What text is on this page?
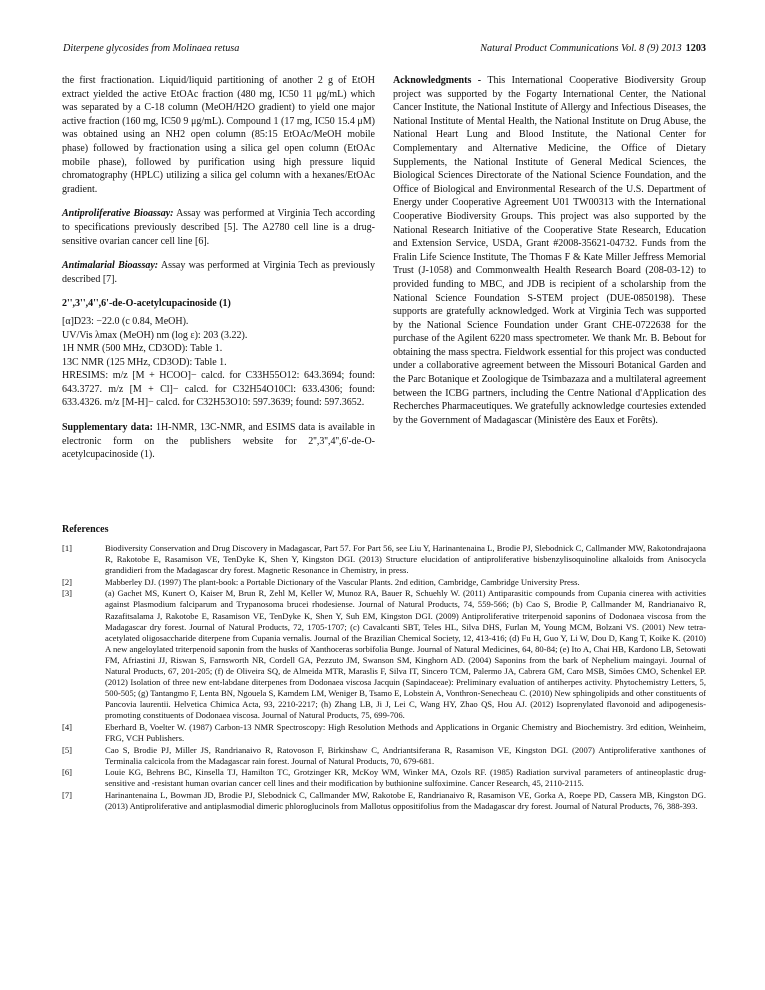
Diterpene glycosides from Molinaea retusa	Natural Product Communications Vol. 8 (9) 2013 1203

the first fractionation. Liquid/liquid partitioning of another 2 g of EtOH extract yielded the active EtOAc fraction (480 mg, IC50 11 μg/mL) which was separated by a C-18 column (MeOH/H2O gradient) to yield one major active fraction (160 mg, IC50 9 μg/mL). Compound 1 (17 mg, IC50 15.4 μM) was obtained using an NH2 open column (85:15 EtOAc/MeOH mobile phase) followed by fractionation using a silica gel open column (EtOAc mobile phase), followed by purification using high pressure liquid chromatography (HPLC) utilizing a silica gel column with a hexanes/EtOAc gradient.

Antiproliferative Bioassay: Assay was performed at Virginia Tech according to specifications previously described [5]. The A2780 cell line is a drug-sensitive ovarian cancer cell line [6].

Antimalarial Bioassay: Assay was performed at Virginia Tech as previously described [7].

2'',3'',4'',6'-de-O-acetylcupacinoside (1)
[α]D23: −22.0 (c 0.84, MeOH).
UV/Vis λmax (MeOH) nm (log ε): 203 (3.22).
1H NMR (500 MHz, CD3OD): Table 1.
13C NMR (125 MHz, CD3OD): Table 1.

HRESIMS: m/z [M + HCOO]− calcd. for C33H55O12: 643.3694; found: 643.3727. m/z [M + Cl]− calcd. for C32H54O10Cl: 633.4306; found: 633.4326. m/z [M-H]− calcd. for C32H53O10: 597.3639; found: 597.3652.

Supplementary data: 1H-NMR, 13C-NMR, and ESIMS data is available in electronic form on the publishers website for 2'',3'',4'',6'-de-O-acetylcupacinoside (1).

Acknowledgments - This International Cooperative Biodiversity Group project was supported by the Fogarty International Center, the National Cancer Institute, the National Institute of Allergy and Infectious Diseases, the National Institute of Mental Health, the National Institute on Drug Abuse, the National Heart Lung and Blood Institute, the National Center for Complementary and Alternative Medicine, the Office of Dietary Supplements, the National Institute of General Medical Sciences, the Biological Sciences Directorate of the National Science Foundation, and the Office of Biological and Environmental Research of the U.S. Department of Energy under Cooperative Agreement U01 TW00313 with the International Cooperative Biodiversity Groups. This project was also supported by the National Research Initiative of the Cooperative State Research, Education and Extension Service, USDA, Grant #2008-35621-04732. Funds from the Fralin Life Science Institute, The Thomas F & Kate Miller Jeffress Memorial Trust (J-1058) and Commonwealth Health Research Board (208-03-12) to provided funding to MBC, and JDB is recipient of a scholarship from the National Science Foundation S-STEM project (DUE-0850198). These supports are gratefully acknowledged. Work at Virginia Tech was supported by the National Science Foundation under Grant CHE-0722638 for the purchase of the Agilent 6220 mass spectrometer. We thank Mr. B. Bebout for obtaining the mass spectra. Fieldwork essential for this project was conducted under a collaborative agreement between the Missouri Botanical Garden and the Parc Botanique et Zoologique de Tsimbazaza and a multilateral agreement between the ICBG partners, including the Centre National d'Application des Recherches Pharmaceutiques. We gratefully acknowledge courtesies extended by the Government of Madagascar (Ministère des Eaux et Forêts).

References
[1]	Biodiversity Conservation and Drug Discovery in Madagascar, Part 57. For Part 56, see Liu Y, Harinantenaina L, Brodie PJ, Slebodnick C, Callmander MW, Rakotondrajaona R, Rakotobe E, Rasamison VE, TenDyke K, Shen Y, Kingston DGI. (2013) Structure elucidation of antiproliferative bisbenzylisoquinoline alkaloids from Anisocycla grandidieri from the Madagascar dry forest. Magnetic Resonance in Chemistry, in press.
[2]	Mabberley DJ. (1997) The plant-book: a Portable Dictionary of the Vascular Plants. 2nd edition, Cambridge, Cambridge University Press.
[3]	(a) Gachet MS, Kunert O, Kaiser M, Brun R, Zehl M, Keller W, Munoz RA, Bauer R, Schuehly W. (2011) Antiparasitic compounds from Cupania cinerea with activities against Plasmodium falciparum and Trypanosoma brucei rhodesiense. Journal of Natural Products, 74, 559-566; (b) Cao S, Brodie P, Callmander M, Randrianaivo R, Razafitsalama J, Rakotobe E, Rasamison VE, TenDyke K, Shen Y, Suh EM, Kingston DGI. (2009) Antiproliferative triterpenoid saponins of Dodonaea viscosa from the Madagascar dry forest. Journal of Natural Products, 72, 1705-1707; (c) Cavalcanti SBT, Teles HL, Silva DHS, Furlan M, Young MCM, Bolzani VS. (2001) New tetra-acetylated oligosaccharide diterpene from Cupania vernalis. Journal of the Brazilian Chemical Society, 12, 413-416; (d) Fu H, Guo Y, Li W, Dou D, Kang T, Koike K. (2010) A new angeloylated triterpenoid saponin from the husks of Xanthoceras sorbifolia Bunge. Journal of Natural Medicines, 64, 80-84; (e) Ito A, Chai HB, Kardono LB, Setowati FM, Afriastini JJ, Riswan S, Farnsworth NR, Cordell GA, Pezzuto JM, Swanson SM, Kinghorn AD. (2004) Saponins from the bark of Nephelium maingayi. Journal of Natural Products, 67, 201-205; (f) de Oliveira SQ, de Almeida MTR, Maraslis F, Silva IT, Sincero TCM, Palermo JA, Cabrera GM, Caro MSB, Simões CMO, Schenkel EP. (2012) Isolation of three new ent-labdane diterpenes from Dodonaea viscosa Jacquin (Sapindaceae): Preliminary evaluation of antiherpes activity. Phytochemistry Letters, 5, 500-505; (g) Tantangmo F, Lenta BN, Ngouela S, Kamdem LM, Weniger B, Tsamo E, Lobstein A, Vonthron-Senecheau C. (2010) New sphingolipids and other constituents of Pancovia laurentii. Helvetica Chimica Acta, 93, 2210-2217; (h) Zhang LB, Ji J, Lei C, Wang HY, Zhao QS, Hou AJ. (2012) Isoprenylated flavonoid and adipogenesis-promoting constituents of Dodonaea viscosa. Journal of Natural Products, 75, 699-706.
[4]	Eberhard B, Voelter W. (1987) Carbon-13 NMR Spectroscopy: High Resolution Methods and Applications in Organic Chemistry and Biochemistry. 3rd edition, Weinheim, FRG, VCH Publishers.
[5]	Cao S, Brodie PJ, Miller JS, Randrianaivo R, Ratovoson F, Birkinshaw C, Andriantsiferana R, Rasamison VE, Kingston DGI. (2007) Antiproliferative xanthones of Terminalia calcicola from the Madagascar rain forest. Journal of Natural Products, 70, 679-681.
[6]	Louie KG, Behrens BC, Kinsella TJ, Hamilton TC, Grotzinger KR, McKoy WM, Winker MA, Ozols RF. (1985) Radiation survival parameters of antineoplastic drug-sensitive and -resistant human ovarian cancer cell lines and their modification by buthionine sulfoximine. Cancer Research, 45, 2110-2115.
[7]	Harinantenaina L, Bowman JD, Brodie PJ, Slebodnick C, Callmander MW, Rakotobe E, Randrianaivo R, Rasamison VE, Gorka A, Roepe PD, Cassera MB, Kingston DG. (2013) Antiproliferative and antiplasmodial dimeric phloroglucinols from Mallotus oppositifolius from the Madagascar dry forest. Journal of Natural Products, 76, 388-393.
